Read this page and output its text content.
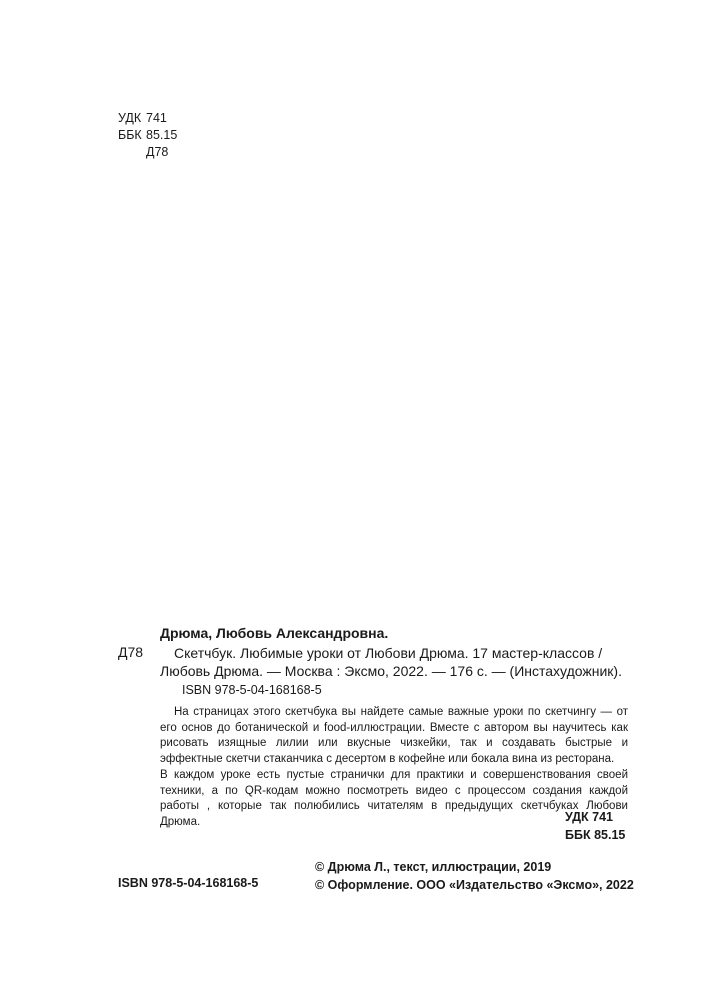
УДК 741
ББК 85.15
Д78
Дрюма, Любовь Александровна.
Д78	Скетчбук. Любимые уроки от Любови Дрюма. 17 мастер-классов /
Любовь Дрюма. — Москва : Эксмо, 2022. — 176 с. — (Инстахудожник).
ISBN 978-5-04-168168-5

На страницах этого скетчбука вы найдете самые важные уроки по скетчингу — от его основ до ботанической и food-иллюстрации. Вместе с автором вы научитесь как рисовать изящные лилии или вкусные чизкейки, так и создавать быстрые и эффектные скетчи стаканчика с десертом в кофейне или бокала вина из ресторана.

В каждом уроке есть пустые странички для практики и совершенствования своей техники, а по QR-кодам можно посмотреть видео с процессом создания каждой работы , которые так полюбились читателям в предыдущих скетчбуках Любови Дрюма.	УДК 741
ББК 85.15
© Дрюма Л., текст, иллюстрации, 2019
© Оформление. ООО «Издательство «Эксмо», 2022
ISBN 978-5-04-168168-5
